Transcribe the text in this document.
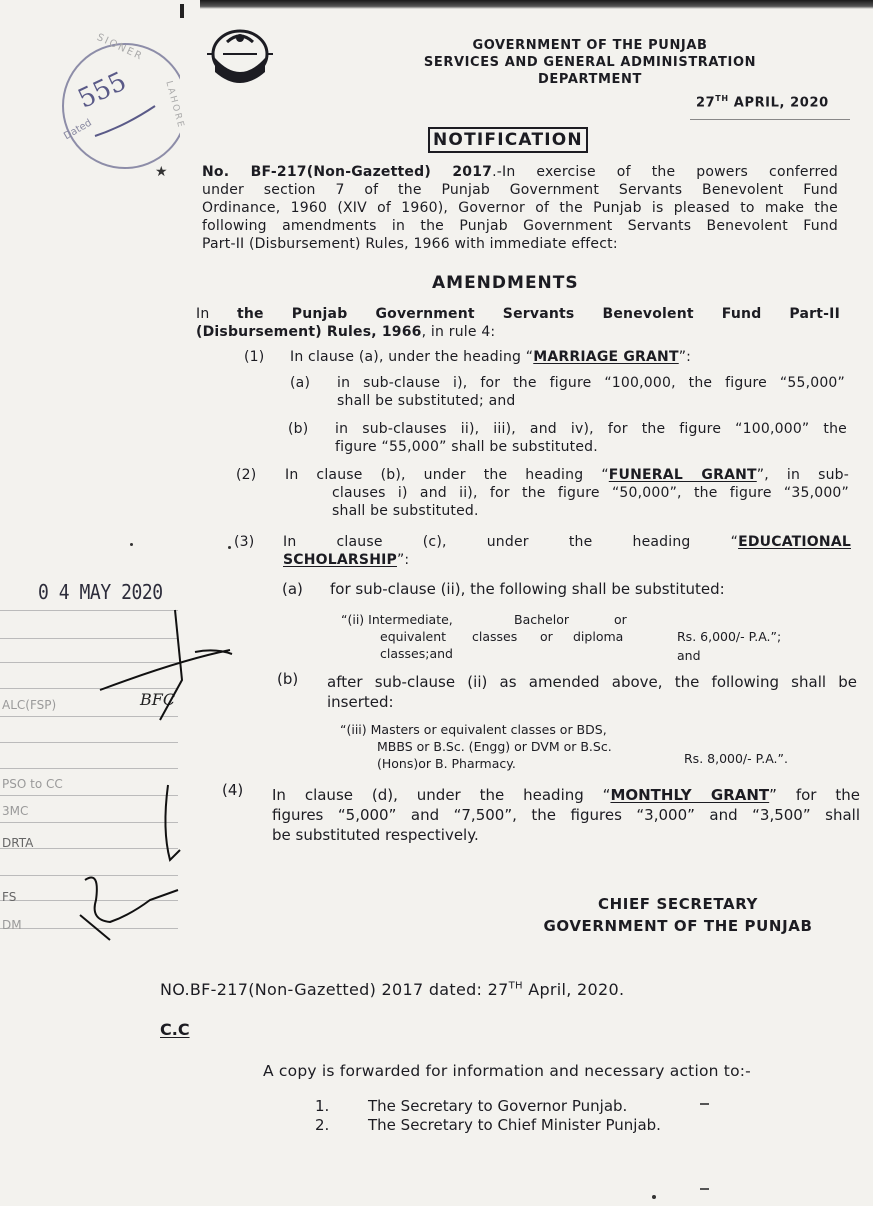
555
Dated
★
SIONER
LAHORE
GOVERNMENT OF THE PUNJAB
SERVICES AND GENERAL ADMINISTRATION
DEPARTMENT
27TH APRIL, 2020
NOTIFICATION
No. BF-217(Non-Gazetted) 2017.-In exercise of the powers conferred
under section 7 of the Punjab Government Servants Benevolent Fund
Ordinance, 1960 (XIV of 1960), Governor of the Punjab is pleased to make the
following amendments in the Punjab Government Servants Benevolent Fund
Part-II (Disbursement) Rules, 1966 with immediate effect:
AMENDMENTS
In the Punjab Government Servants Benevolent Fund Part-II
(Disbursement) Rules, 1966, in rule 4:
(1) In clause (a), under the heading “MARRIAGE GRANT”:
(a) in sub-clause i), for the figure “100,000, the figure “55,000”
shall be substituted; and
(b) in sub-clauses ii), iii), and iv), for the figure “100,000” the
figure “55,000” shall be substituted.
(2) In clause (b), under the heading “FUNERAL GRANT”, in sub-
clauses i) and ii), for the figure “50,000”, the figure “35,000”
shall be substituted.
(3) In clause (c), under the heading “EDUCATIONAL
SCHOLARSHIP”:
(a) for sub-clause (ii), the following shall be substituted:
“(ii) Intermediate,	Bachelor	or
equivalent classes or diploma
classes;and
Rs. 6,000/- P.A.”;
and
(b) after sub-clause (ii) as amended above, the following shall be
inserted:
“(iii) Masters or equivalent classes or BDS,
MBBS or B.Sc. (Engg) or DVM or B.Sc.
(Hons)or B. Pharmacy.	Rs. 8,000/- P.A.”.
(4) In clause (d), under the heading “MONTHLY GRANT” for the
figures “5,000” and “7,500”, the figures “3,000” and “3,500” shall
be substituted respectively.
CHIEF SECRETARY
GOVERNMENT OF THE PUNJAB
NO.BF-217(Non-Gazetted) 2017 dated: 27TH April, 2020.
C.C
A copy is forwarded for information and necessary action to:-
1.	The Secretary to Governor Punjab.
2.	The Secretary to Chief Minister Punjab.
0 4 MAY 2020
ALC(FSP)
PSO to CC
3MC
DRTA
FS
DM
BFC
